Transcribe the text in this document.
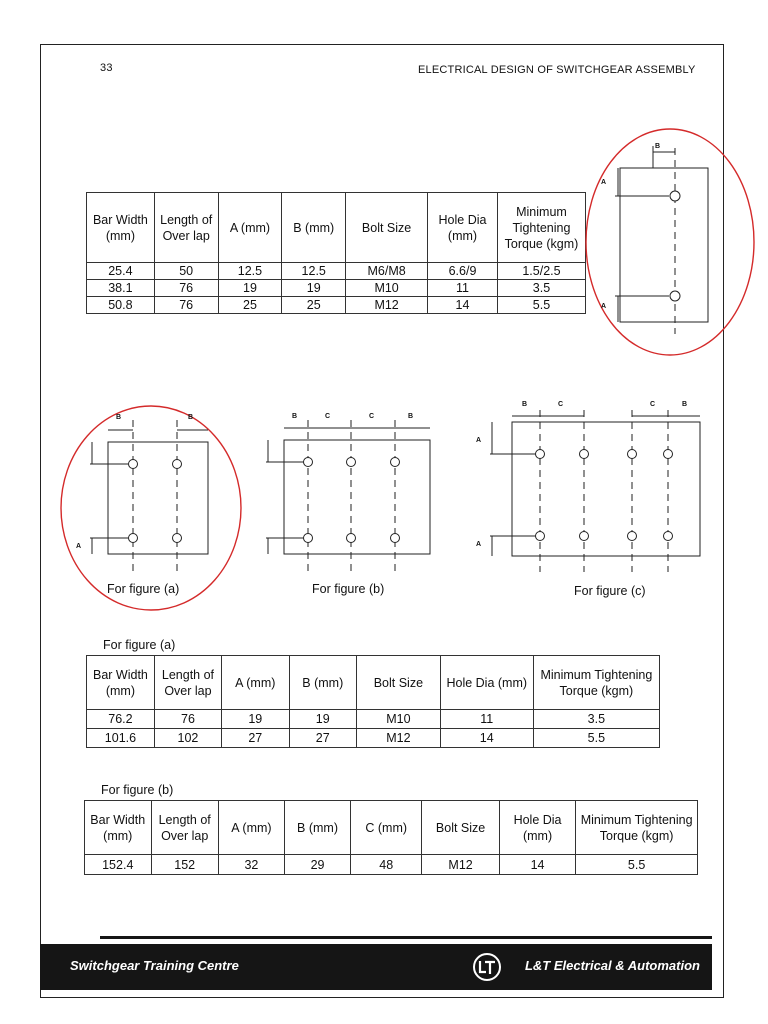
33	ELECTRICAL DESIGN OF SWITCHGEAR ASSEMBLY
Bar Width (mm)	Length of Over lap	A (mm)	B (mm)	Bolt Size	Hole Dia (mm)	Minimum Tightening Torque (kgm)
25.4	50	12.5	12.5	M6/M8	6.6/9	1.5/2.5
38.1	76	19	19	M10	11	3.5
50.8	76	25	25	M12	14	5.5
B
A
A
B	B
A
For figure (a)
B	C	C	B
For figure (b)
B	C	C	B
A
A
For figure (c)
For figure (a)
Bar Width (mm)	Length of Over lap	A (mm)	B (mm)	Bolt Size	Hole Dia (mm)	Minimum Tightening Torque (kgm)
76.2	76	19	19	M10	11	3.5
101.6	102	27	27	M12	14	5.5
For figure (b)
Bar Width (mm)	Length of Over lap	A (mm)	B (mm)	C (mm)	Bolt Size	Hole Dia (mm)	Minimum Tightening Torque (kgm)
152.4	152	32	29	48	M12	14	5.5
Switchgear Training Centre	L&T Electrical & Automation
